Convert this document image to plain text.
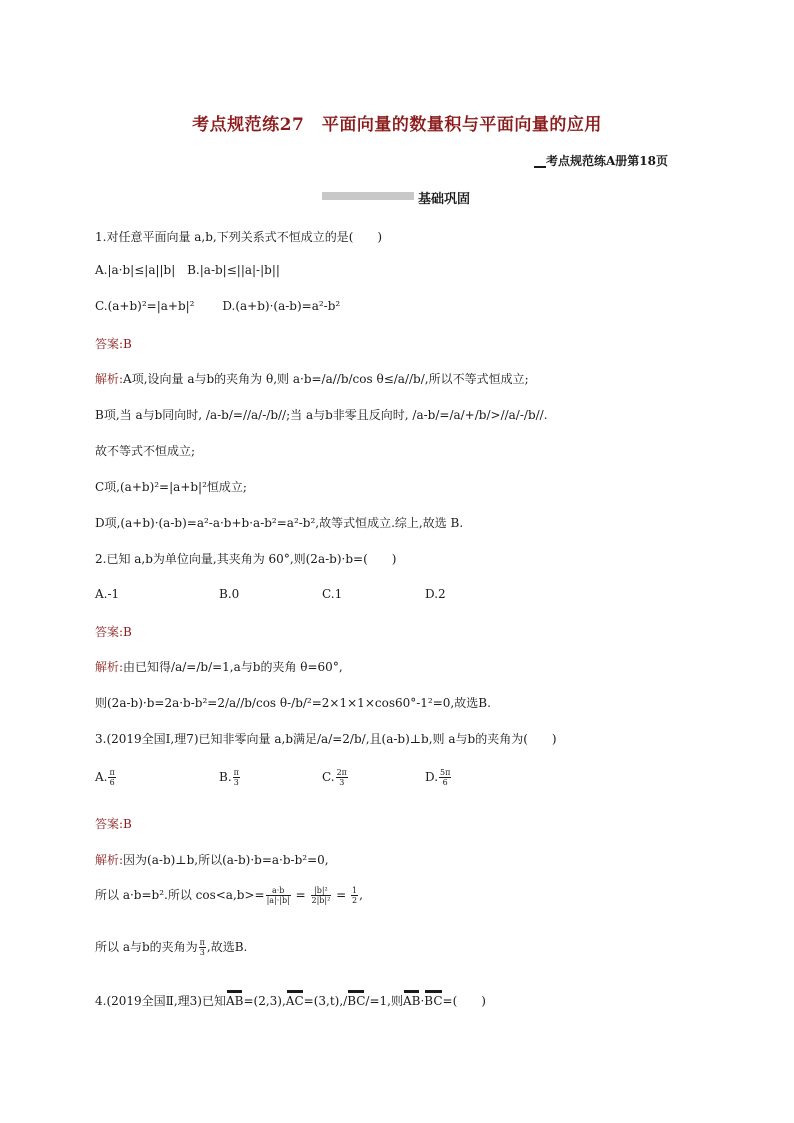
考点规范练27　平面向量的数量积与平面向量的应用
__考点规范练A册第18页
基础巩固
1.对任意平面向量 a,b,下列关系式不恒成立的是(　　)
A.|a·b|≤|a||b| B.|a-b|≤||a|-|b||
C.(a+b)²=|a+b|² D.(a+b)·(a-b)=a²-b²
答案:B
解析:A项,设向量 a与b的夹角为 θ,则 a·b=/a//b/cos θ≤/a//b/,所以不等式恒成立;
B项,当 a与b同向时, /a-b/=//a/-/b//;当 a与b非零且反向时, /a-b/=/a/+/b/>//a/-/b//.
故不等式不恒成立;
C项,(a+b)²=|a+b|²恒成立;
D项,(a+b)·(a-b)=a²-a·b+b·a-b²=a²-b²,故等式恒成立.综上,故选 B.
2.已知 a,b为单位向量,其夹角为 60°,则(2a-b)·b=(　　)
A.-1	B.0	C.1	D.2
答案:B
解析:由已知得/a/=/b/=1,a与b的夹角 θ=60°,
则(2a-b)·b=2a·b-b²=2/a//b/cos θ-/b/²=2×1×1×cos60°-1²=0,故选B.
3.(2019全国Ⅰ,理7)已知非零向量 a,b满足/a/=2/b/,且(a-b)⊥b,则 a与b的夹角为(　　)
A. $\frac{\pi}{6}$	B. $\frac{\pi}{3}$	C. $\frac{2\pi}{3}$	D. $\frac{5\pi}{6}$
答案:B
解析:因为(a-b)⊥b,所以(a-b)·b=a·b-b²=0,
所以 a·b=b².所以 $\cos<a,b>= \frac{a\cdot b}{|a|\cdot|b|} = \frac{\text{|b|²}}{\text{2|b|²}} = \frac{1}{2}$ ,
所以 a与b的夹角为 $\frac{\pi}{3}$ ,故选B.
4.(2019全国Ⅱ,理3)已知AB=(2,3),AC=(3,t),/BC/=1,则AB·BC=(　　)
